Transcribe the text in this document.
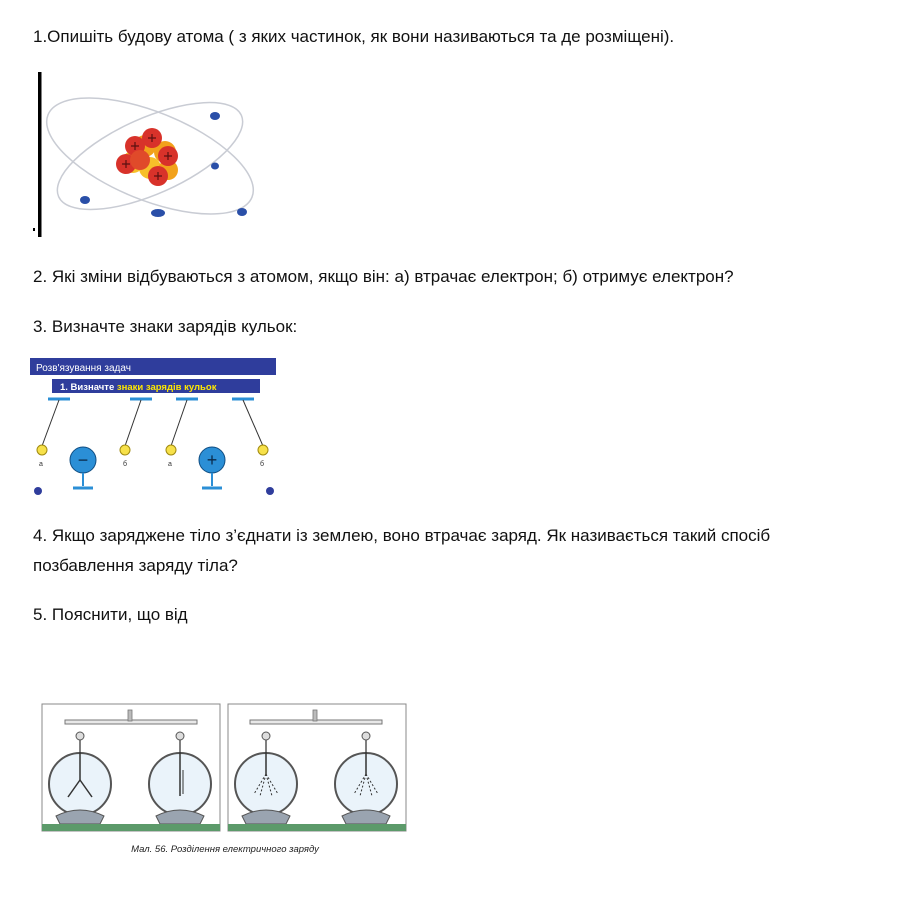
1.Опишіть будову атома ( з яких частинок, як вони називаються та де розміщені).

2. Які зміни відбуваються з атомом, якщо він: а) втрачає електрон; б) отримує електрон?

3. Визначте знаки зарядів кульок:

Розв'язування задач
1. Визначте знаки зарядів кульок
а	б	а	б
−	+

4. Якщо заряджене тіло з’єднати із землею, воно втрачає заряд. Як називається такий спосіб
позбавлення заряду тіла?

5. Пояснити, що від

Мал. 56. Розділення електричного заряду
